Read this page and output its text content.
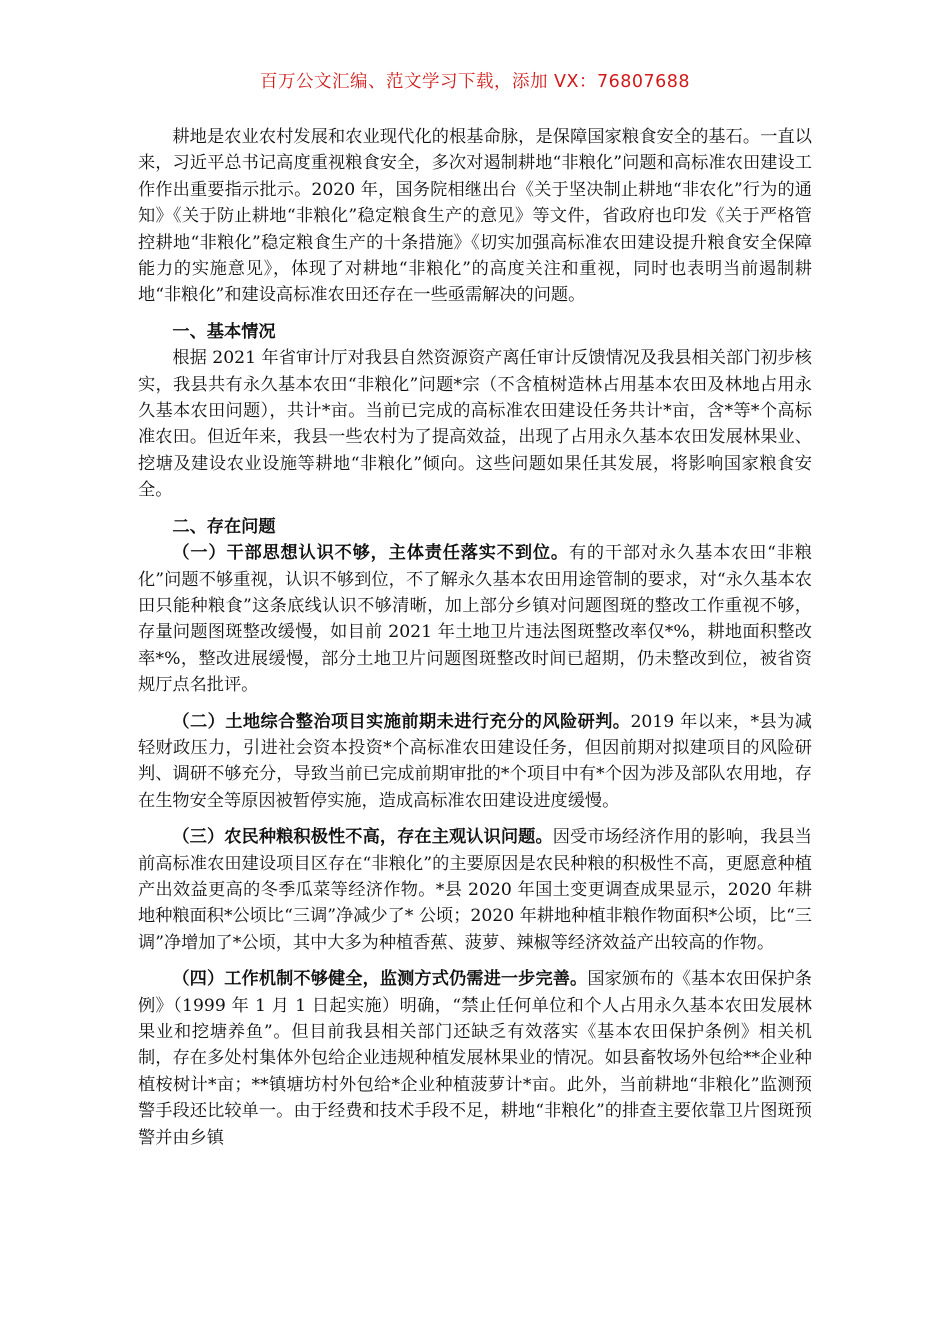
百万公文汇编、范文学习下载，添加 VX：76807688

耕地是农业农村发展和农业现代化的根基命脉，是保障国家粮食安全的基石。一直以来，习近平总书记高度重视粮食安全，多次对遏制耕地“非粮化”问题和高标准农田建设工作作出重要指示批示。2020 年，国务院相继出台《关于坚决制止耕地“非农化”行为的通知》《关于防止耕地“非粮化”稳定粮食生产的意见》等文件，省政府也印发《关于严格管控耕地“非粮化”稳定粮食生产的十条措施》《切实加强高标准农田建设提升粮食安全保障能力的实施意见》，体现了对耕地“非粮化”的高度关注和重视，同时也表明当前遏制耕地“非粮化”和建设高标准农田还存在一些亟需解决的问题。

一、基本情况

根据 2021 年省审计厅对我县自然资源资产离任审计反馈情况及我县相关部门初步核实，我县共有永久基本农田“非粮化”问题*宗（不含植树造林占用基本农田及林地占用永久基本农田问题），共计*亩。当前已完成的高标准农田建设任务共计*亩，含*等*个高标准农田。但近年来，我县一些农村为了提高效益，出现了占用永久基本农田发展林果业、挖塘及建设农业设施等耕地“非粮化”倾向。这些问题如果任其发展，将影响国家粮食安全。

二、存在问题

（一）干部思想认识不够，主体责任落实不到位。有的干部对永久基本农田“非粮化”问题不够重视，认识不够到位，不了解永久基本农田用途管制的要求，对“永久基本农田只能种粮食”这条底线认识不够清晰，加上部分乡镇对问题图斑的整改工作重视不够，存量问题图斑整改缓慢，如目前 2021 年土地卫片违法图斑整改率仅*%，耕地面积整改率*%，整改进展缓慢，部分土地卫片问题图斑整改时间已超期，仍未整改到位，被省资规厅点名批评。

（二）土地综合整治项目实施前期未进行充分的风险研判。2019 年以来，*县为减轻财政压力，引进社会资本投资*个高标准农田建设任务，但因前期对拟建项目的风险研判、调研不够充分，导致当前已完成前期审批的*个项目中有*个因为涉及部队农用地，存在生物安全等原因被暂停实施，造成高标准农田建设进度缓慢。

（三）农民种粮积极性不高，存在主观认识问题。因受市场经济作用的影响，我县当前高标准农田建设项目区存在“非粮化”的主要原因是农民种粮的积极性不高，更愿意种植产出效益更高的冬季瓜菜等经济作物。*县 2020 年国土变更调查成果显示，2020 年耕地种粮面积*公顷比“三调”净减少了* 公顷；2020 年耕地种植非粮作物面积*公顷，比“三调”净增加了*公顷，其中大多为种植香蕉、菠萝、辣椒等经济效益产出较高的作物。

（四）工作机制不够健全，监测方式仍需进一步完善。国家颁布的《基本农田保护条例》（1999 年 1 月 1 日起实施）明确，“禁止任何单位和个人占用永久基本农田发展林果业和挖塘养鱼”。但目前我县相关部门还缺乏有效落实《基本农田保护条例》相关机制，存在多处村集体外包给企业违规种植发展林果业的情况。如县畜牧场外包给**企业种植桉树计*亩；**镇塘坊村外包给*企业种植菠萝计*亩。此外，当前耕地“非粮化”监测预警手段还比较单一。由于经费和技术手段不足，耕地“非粮化”的排查主要依靠卫片图斑预警并由乡镇
